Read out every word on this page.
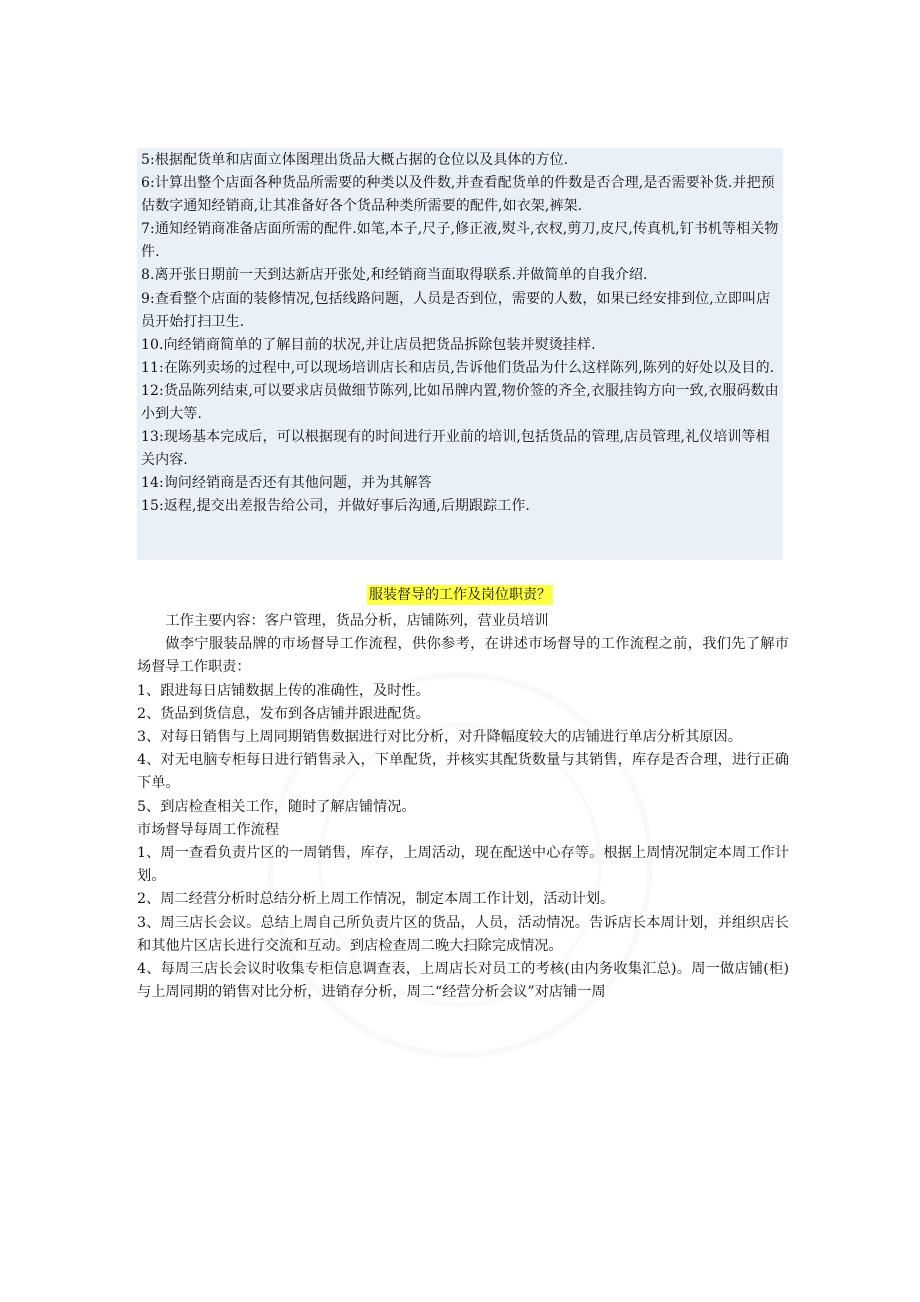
5:根据配货单和店面立体图理出货品大概占据的仓位以及具体的方位.

6:计算出整个店面各种货品所需要的种类以及件数,并查看配货单的件数是否合理,是否需要补货.并把预估数字通知经销商,让其准备好各个货品种类所需要的配件,如衣架,裤架.

7:通知经销商准备店面所需的配件.如笔,本子,尺子,修正液,熨斗,衣杈,剪刀,皮尺,传真机,钉书机等相关物件.

8.离开张日期前一天到达新店开张处,和经销商当面取得联系.并做简单的自我介绍.

9:查看整个店面的装修情况,包括线路问题，人员是否到位，需要的人数，如果已经安排到位,立即叫店员开始打扫卫生.

10.向经销商简单的了解目前的状况,并让店员把货品拆除包装并熨烫挂样.

11:在陈列卖场的过程中,可以现场培训店长和店员,告诉他们货品为什么这样陈列,陈列的好处以及目的.

12:货品陈列结束,可以要求店员做细节陈列,比如吊牌内置,物价签的齐全,衣服挂钩方向一致,衣服码数由小到大等.

13:现场基本完成后，可以根据现有的时间进行开业前的培训,包括货品的管理,店员管理,礼仪培训等相关内容.

14:询问经销商是否还有其他问题，并为其解答

15:返程,提交出差报告给公司，并做好事后沟通,后期跟踪工作.

服装督导的工作及岗位职责？

工作主要内容：客户管理，货品分析，店铺陈列，营业员培训

做李宁服装品牌的市场督导工作流程，供你参考，在讲述市场督导的工作流程之前，我们先了解市场督导工作职责：

1、跟进每日店铺数据上传的准确性，及时性。

2、货品到货信息，发布到各店铺并跟进配货。

3、对每日销售与上周同期销售数据进行对比分析，对升降幅度较大的店铺进行单店分析其原因。

4、对无电脑专柜每日进行销售录入，下单配货，并核实其配货数量与其销售，库存是否合理，进行正确下单。

5、到店检查相关工作，随时了解店铺情况。

市场督导每周工作流程

1、周一查看负责片区的一周销售，库存，上周活动，现在配送中心存等。根据上周情况制定本周工作计划。

2、周二经营分析时总结分析上周工作情况，制定本周工作计划，活动计划。

3、周三店长会议。总结上周自己所负责片区的货品，人员，活动情况。告诉店长本周计划，并组织店长和其他片区店长进行交流和互动。到店检查周二晚大扫除完成情况。

4、每周三店长会议时收集专柜信息调查表，上周店长对员工的考核(由内务收集汇总)。周一做店铺(柜)与上周同期的销售对比分析，进销存分析，周二“经营分析会议”对店铺一周
